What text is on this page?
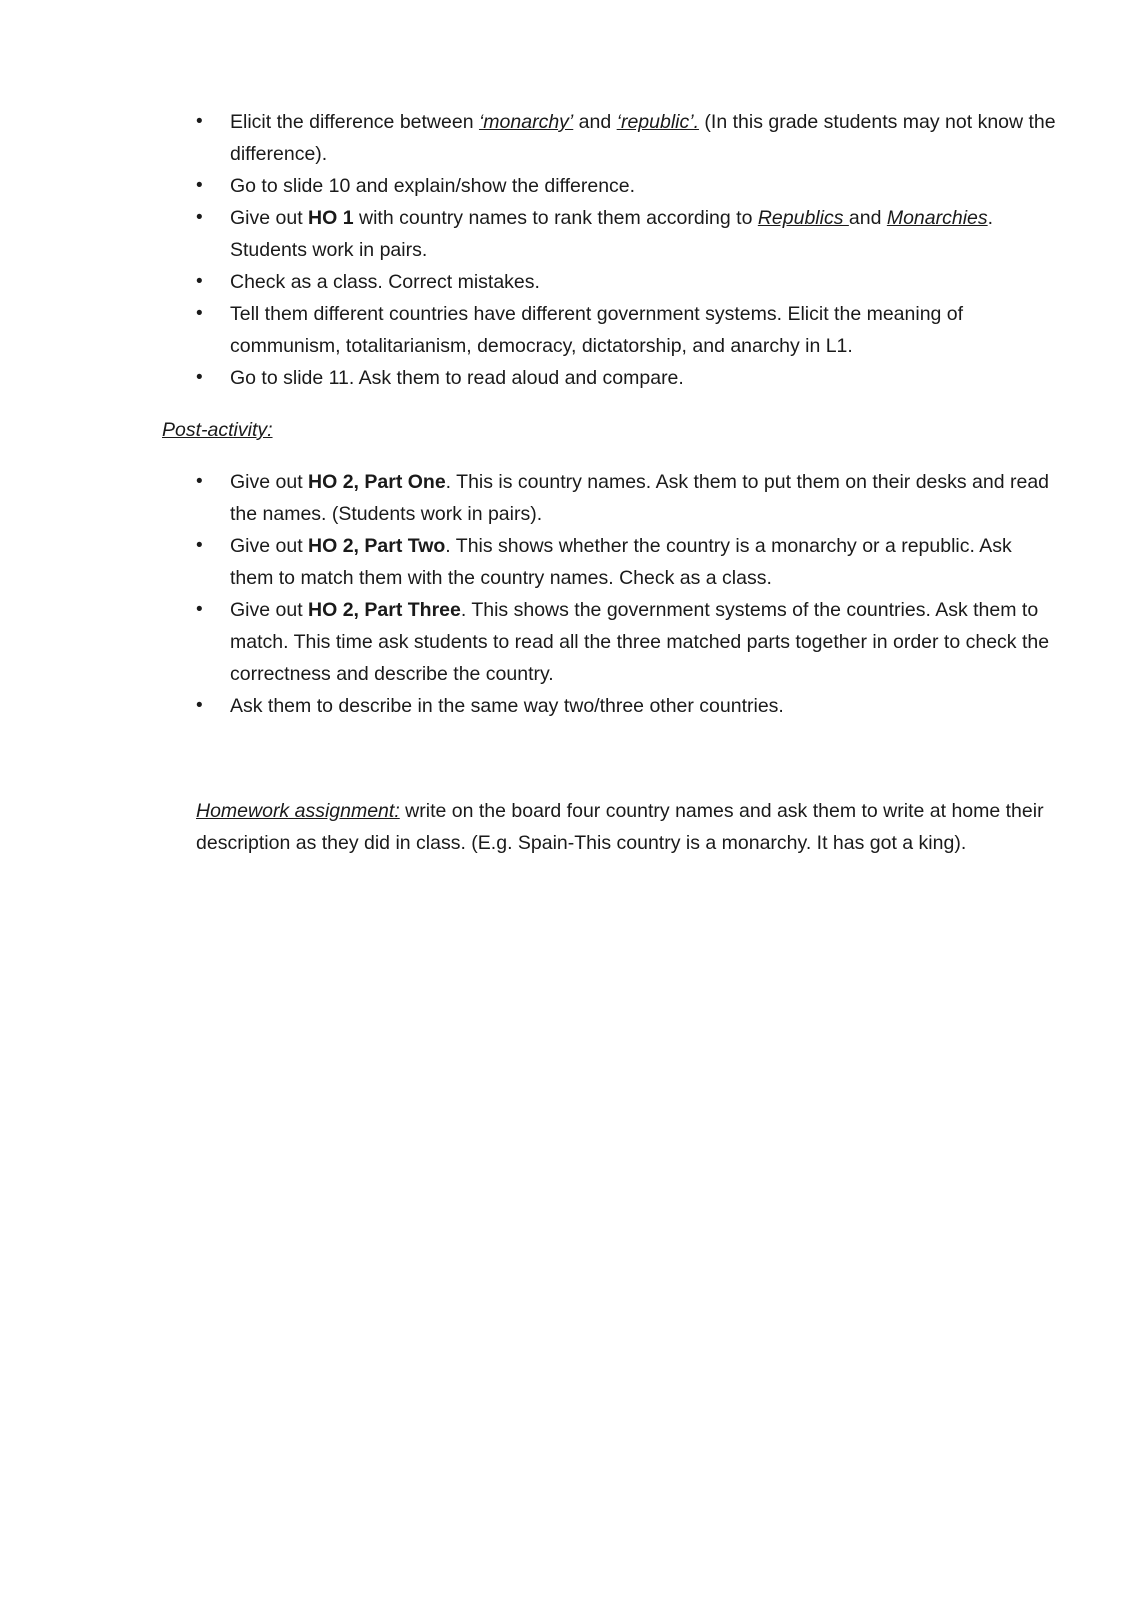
• Elicit the difference between ‘monarchy’ and ‘republic’. (In this grade students may not know the difference).
• Go to slide 10 and explain/show the difference.
• Give out HO 1 with country names to rank them according to Republics and Monarchies. Students work in pairs.
• Check as a class. Correct mistakes.
• Tell them different countries have different government systems. Elicit the meaning of communism, totalitarianism, democracy, dictatorship, and anarchy in L1.
• Go to slide 11. Ask them to read aloud and compare.
Post-activity:
• Give out HO 2, Part One. This is country names. Ask them to put them on their desks and read the names. (Students work in pairs).
• Give out HO 2, Part Two. This shows whether the country is a monarchy or a republic. Ask them to match them with the country names. Check as a class.
• Give out HO 2, Part Three. This shows the government systems of the countries. Ask them to match. This time ask students to read all the three matched parts together in order to check the correctness and describe the country.
• Ask them to describe in the same way two/three other countries.

Homework assignment: write on the board four country names and ask them to write at home their description as they did in class. (E.g. Spain-This country is a monarchy. It has got a king).
